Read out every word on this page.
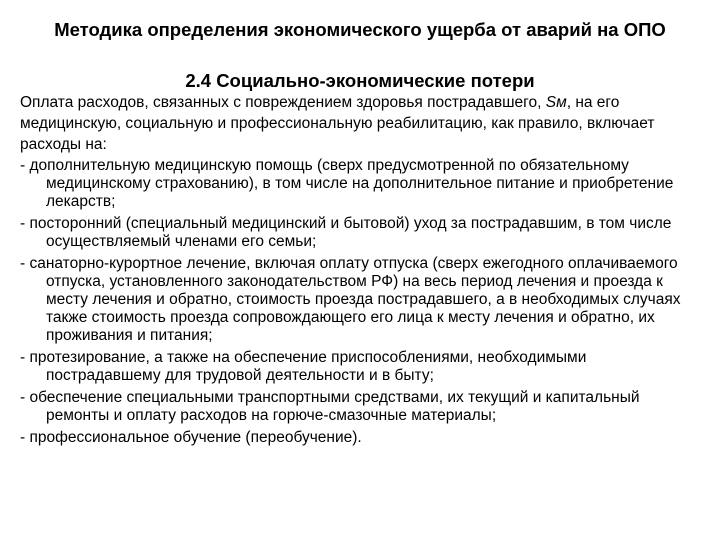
Методика определения экономического ущерба от аварий на ОПО
2.4 Социально-экономические потери

Оплата расходов, связанных с повреждением здоровья пострадавшего, Sм, на его

медицинскую, социальную и профессиональную реабилитацию, как правило, включает

расходы на:

- дополнительную медицинскую помощь (сверх предусмотренной по обязательному медицинскому страхованию), в том числе на дополнительное питание и приобретение лекарств;

- посторонний (специальный медицинский и бытовой) уход за пострадавшим, в том числе осуществляемый членами его семьи;

- санаторно-курортное лечение, включая оплату отпуска (сверх ежегодного оплачиваемого отпуска, установленного законодательством РФ) на весь период лечения и проезда к месту лечения и обратно, стоимость проезда пострадавшего, а в необходимых случаях также стоимость проезда сопровождающего его лица к месту лечения и обратно, их проживания и питания;

- протезирование, а также на обеспечение приспособлениями, необходимыми пострадавшему для трудовой деятельности и в быту;

- обеспечение специальными транспортными средствами, их текущий и капитальный ремонты и оплату расходов на горюче-смазочные материалы;

- профессиональное обучение (переобучение).
